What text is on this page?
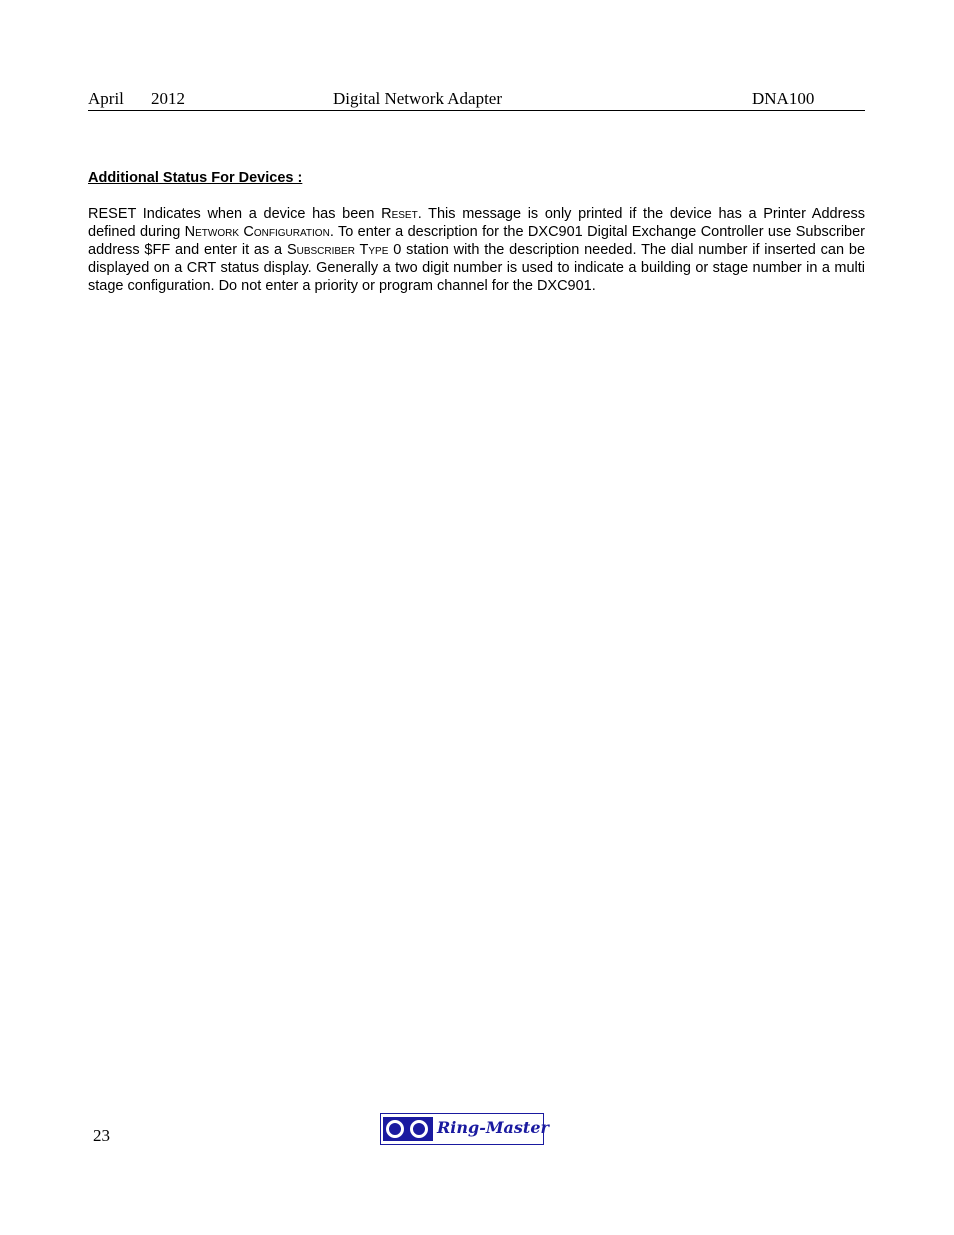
April 2012	Digital Network Adapter	DNA100
Additional Status For Devices :

RESET Indicates when a device has been Reset. This message is only printed if the device has a Printer Address defined during Network Configuration. To enter a description for the DXC901 Digital Exchange Controller use Subscriber address $FF and enter it as a Subscriber Type 0 station with the description needed. The dial number if inserted can be displayed on a CRT status display. Generally a two digit number is used to indicate a building or stage number in a multi stage configuration. Do not enter a priority or program channel for the DXC901.

23	Ring-Master
